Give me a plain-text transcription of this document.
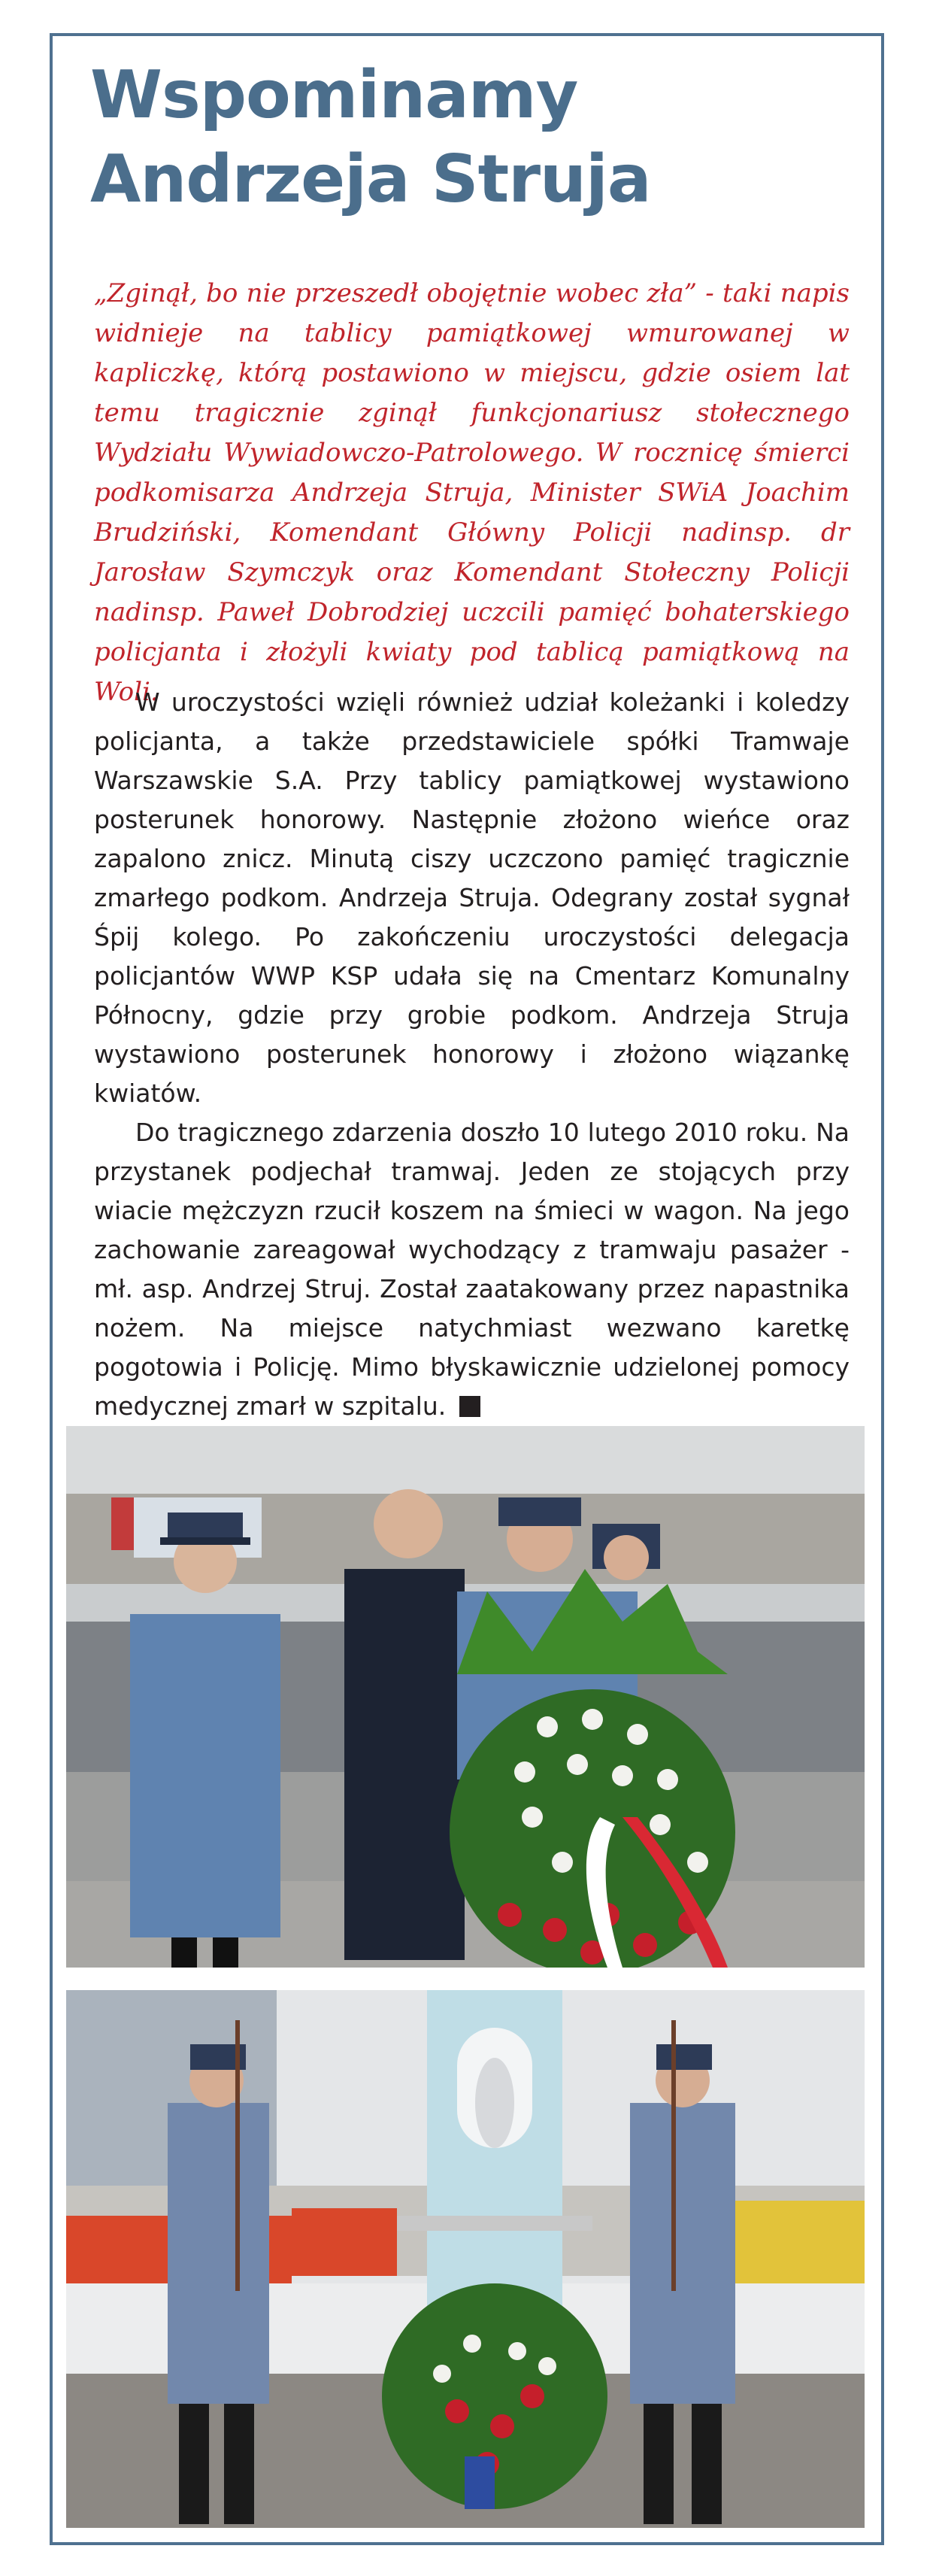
Wspominamy
Andrzeja Struja
„Zginął, bo nie przeszedł obojętnie wobec zła” - taki napis widnieje na tablicy pamiątkowej wmurowanej w kapliczkę, którą postawiono w miejscu, gdzie osiem lat temu tragicznie zginął funkcjonariusz stołecznego Wydziału Wywiadowczo-Patrolowego. W rocznicę śmierci podkomisarza Andrzeja Struja, Minister SWiA Joachim Brudziński, Komendant Główny Policji nadinsp. dr Jarosław Szymczyk oraz Komendant Stołeczny Policji nadinsp. Paweł Dobrodziej uczcili pamięć bohaterskiego policjanta i złożyli kwiaty pod tablicą pamiątkową na Woli.

W uroczystości wzięli również udział koleżanki i koledzy policjanta, a także przedstawiciele spółki Tramwaje Warszawskie S.A. Przy tablicy pamiątkowej wystawiono posterunek honorowy. Następnie złożono wieńce oraz zapalono znicz. Minutą ciszy uczczono pamięć tragicznie zmarłego podkom. Andrzeja Struja. Odegrany został sygnał Śpij kolego. Po zakończeniu uroczystości delegacja policjantów WWP KSP udała się na Cmentarz Komunalny Północny, gdzie przy grobie podkom. Andrzeja Struja wystawiono posterunek honorowy i złożono wiązankę kwiatów.

Do tragicznego zdarzenia doszło 10 lutego 2010 roku. Na przystanek podjechał tramwaj. Jeden ze stojących przy wiacie mężczyzn rzucił koszem na śmieci w wagon. Na jego zachowanie zareagował wychodzący z tramwaju pasażer - mł. asp. Andrzej Struj. Został zaatakowany przez napastnika nożem. Na miejsce natychmiast wezwano karetkę pogotowia i Policję. Mimo błyskawicznie udzielonej pomocy medycznej zmarł w szpitalu.
